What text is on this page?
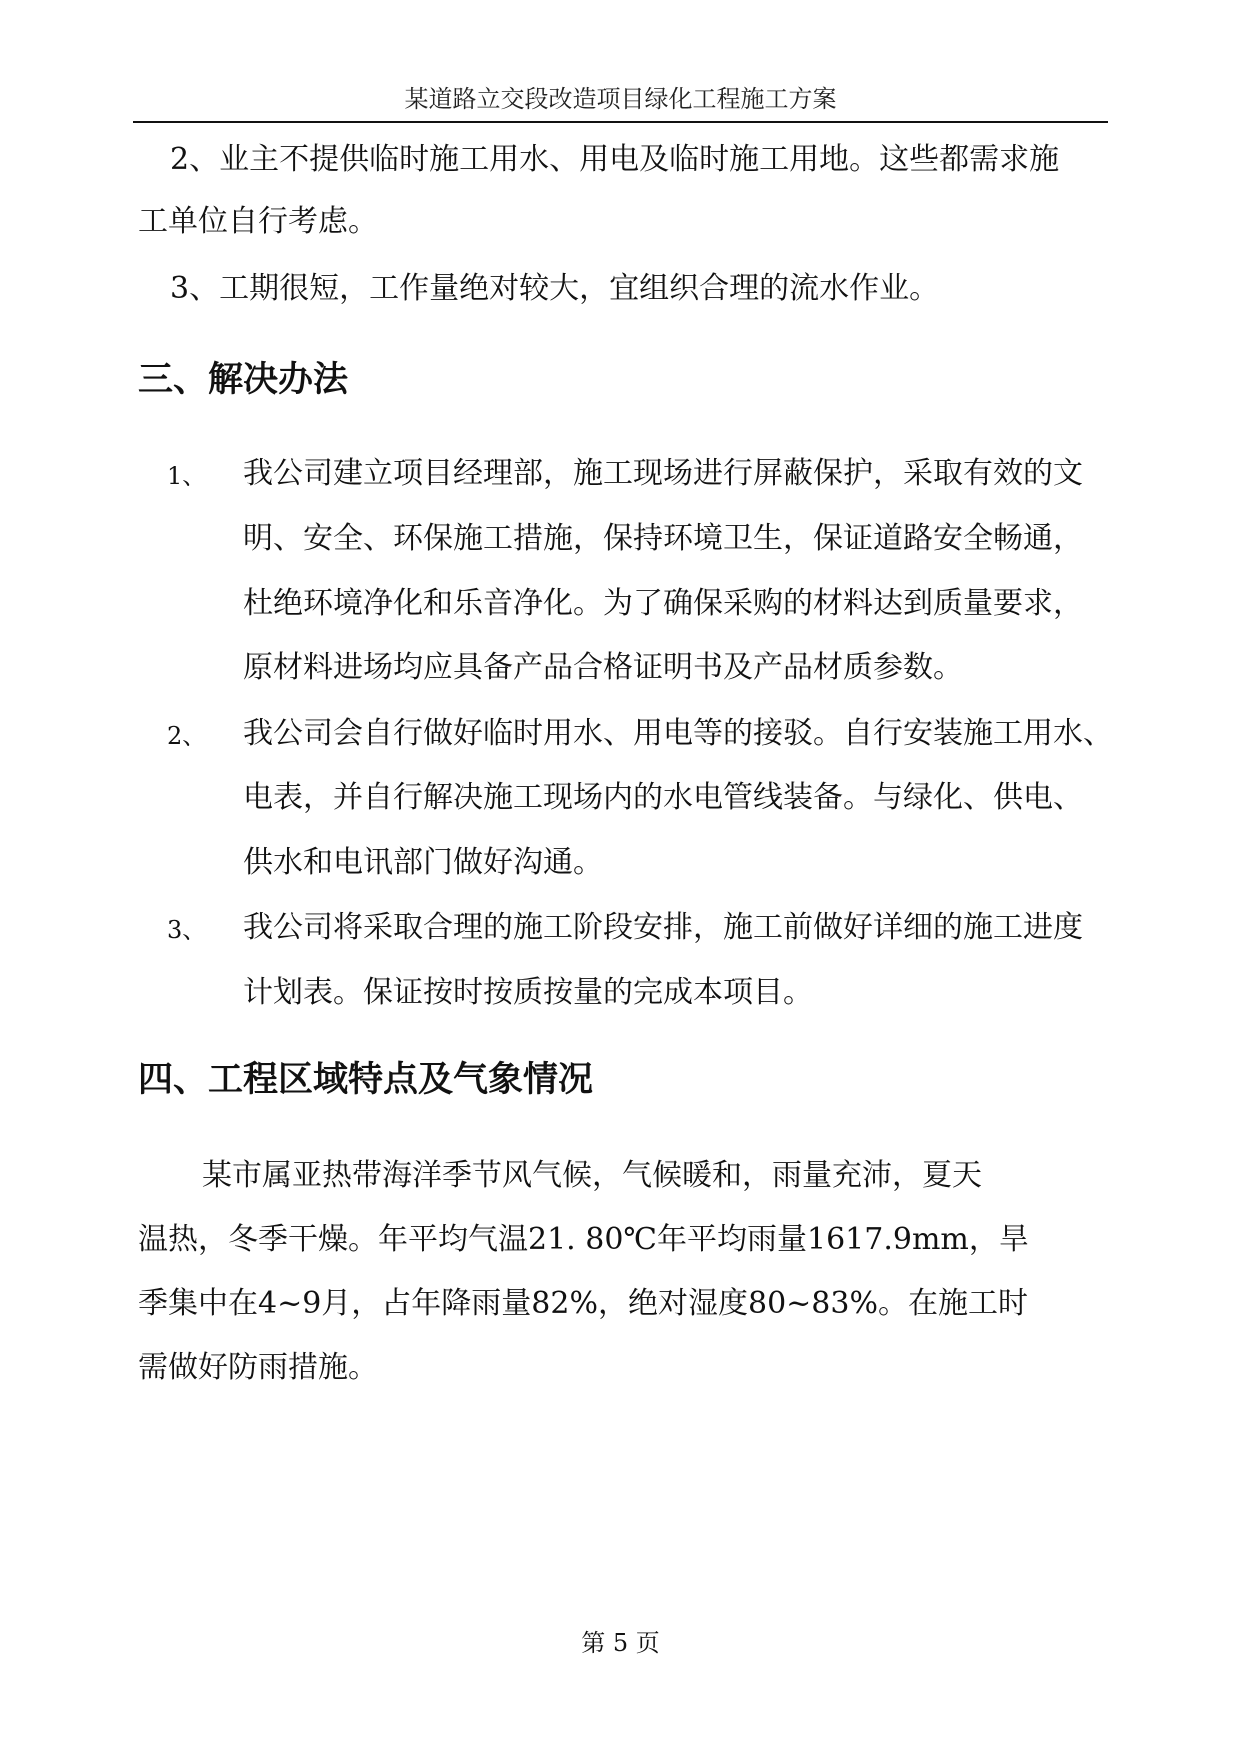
某道路立交段改造项目绿化工程施工方案
2、业主不提供临时施工用水、用电及临时施工用地。这些都需求施
工单位自行考虑。
3、工期很短，工作量绝对较大，宜组织合理的流水作业。
三、解决办法
1、 我公司建立项目经理部，施工现场进行屏蔽保护，采取有效的文
明、安全、环保施工措施，保持环境卫生，保证道路安全畅通，
杜绝环境净化和乐音净化。为了确保采购的材料达到质量要求，
原材料进场均应具备产品合格证明书及产品材质参数。
2、 我公司会自行做好临时用水、用电等的接驳。自行安装施工用水、
电表，并自行解决施工现场内的水电管线装备。与绿化、供电、
供水和电讯部门做好沟通。
3、 我公司将采取合理的施工阶段安排，施工前做好详细的施工进度
计划表。保证按时按质按量的完成本项目。
四、工程区域特点及气象情况
某市属亚热带海洋季节风气候，气候暖和，雨量充沛，夏天
温热，冬季干燥。年平均气温21. 80℃年平均雨量1617.9mm，旱
季集中在4~9月，占年降雨量82%，绝对湿度80~83%。在施工时
需做好防雨措施。
第 5 页
